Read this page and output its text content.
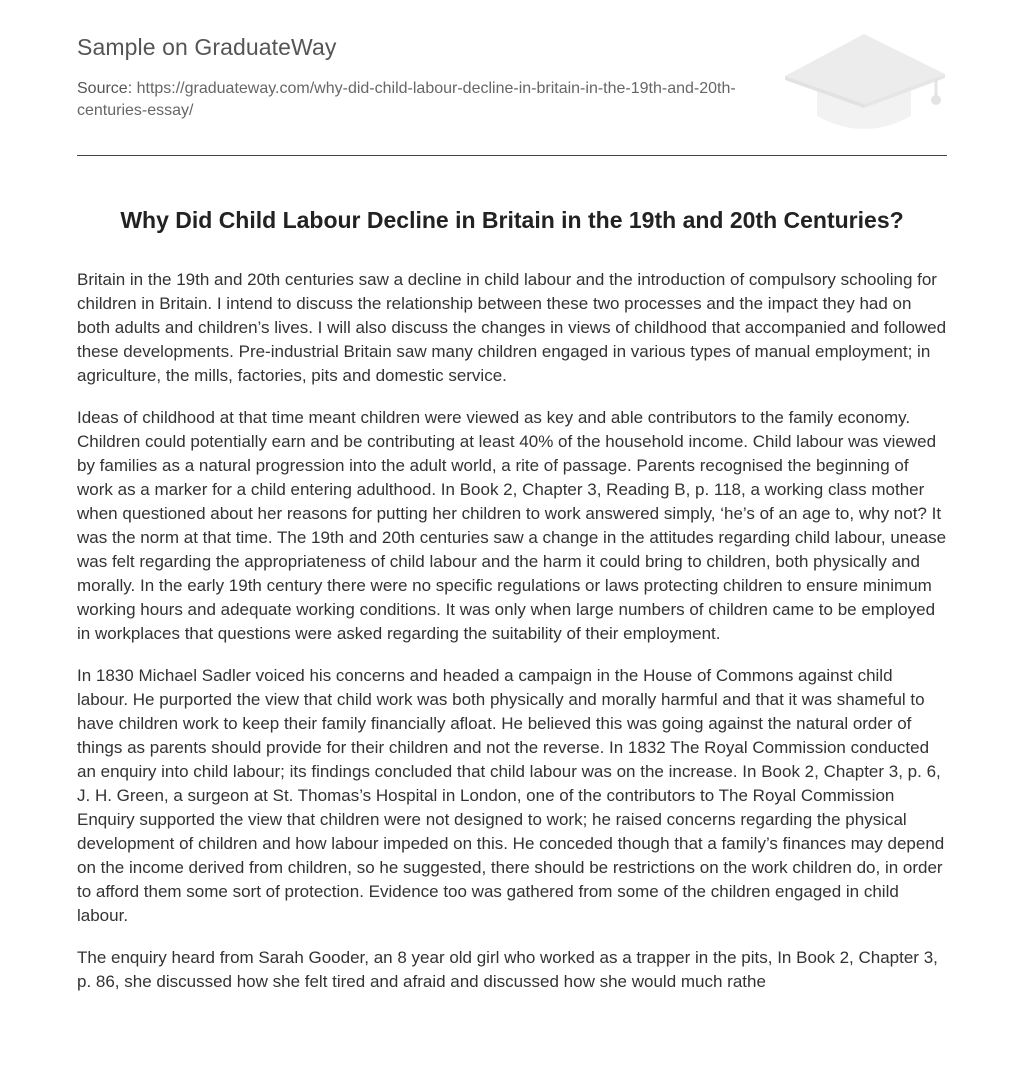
Sample on GraduateWay
Source: https://graduateway.com/why-did-child-labour-decline-in-britain-in-the-19th-and-20th-centuries-essay/
Why Did Child Labour Decline in Britain in the 19th and 20th Centuries?

Britain in the 19th and 20th centuries saw a decline in child labour and the introduction of compulsory schooling for children in Britain. I intend to discuss the relationship between these two processes and the impact they had on both adults and children’s lives. I will also discuss the changes in views of childhood that accompanied and followed these developments. Pre-industrial Britain saw many children engaged in various types of manual employment; in agriculture, the mills, factories, pits and domestic service.

Ideas of childhood at that time meant children were viewed as key and able contributors to the family economy. Children could potentially earn and be contributing at least 40% of the household income. Child labour was viewed by families as a natural progression into the adult world, a rite of passage. Parents recognised the beginning of work as a marker for a child entering adulthood. In Book 2, Chapter 3, Reading B, p. 118, a working class mother when questioned about her reasons for putting her children to work answered simply, ‘he’s of an age to, why not? It was the norm at that time. The 19th and 20th centuries saw a change in the attitudes regarding child labour, unease was felt regarding the appropriateness of child labour and the harm it could bring to children, both physically and morally. In the early 19th century there were no specific regulations or laws protecting children to ensure minimum working hours and adequate working conditions. It was only when large numbers of children came to be employed in workplaces that questions were asked regarding the suitability of their employment.

In 1830 Michael Sadler voiced his concerns and headed a campaign in the House of Commons against child labour. He purported the view that child work was both physically and morally harmful and that it was shameful to have children work to keep their family financially afloat. He believed this was going against the natural order of things as parents should provide for their children and not the reverse. In 1832 The Royal Commission conducted an enquiry into child labour; its findings concluded that child labour was on the increase. In Book 2, Chapter 3, p. 6, J. H. Green, a surgeon at St. Thomas’s Hospital in London, one of the contributors to The Royal Commission Enquiry supported the view that children were not designed to work; he raised concerns regarding the physical development of children and how labour impeded on this. He conceded though that a family’s finances may depend on the income derived from children, so he suggested, there should be restrictions on the work children do, in order to afford them some sort of protection. Evidence too was gathered from some of the children engaged in child labour.

The enquiry heard from Sarah Gooder, an 8 year old girl who worked as a trapper in the pits, In Book 2, Chapter 3, p. 86, she discussed how she felt tired and afraid and discussed how she would much rathe
